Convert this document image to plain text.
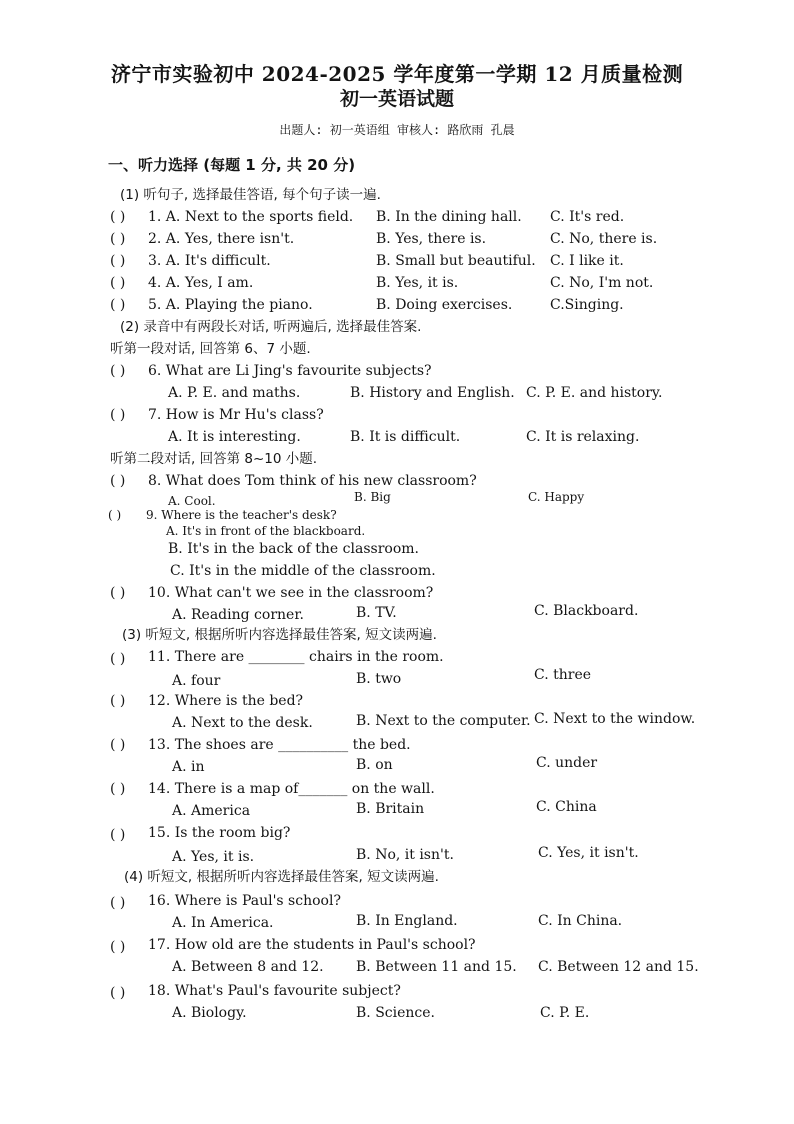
济宁市实验初中 2024-2025 学年度第一学期 12 月质量检测
初一英语试题
出题人: 初一英语组 审核人: 路欣雨 孔晨
一、听力选择 (每题 1 分, 共 20 分)
(1) 听句子, 选择最佳答语, 每个句子读一遍.
( ) 1. A. Next to the sports field. B. In the dining hall. C. It's red.
( ) 2. A. Yes, there isn't.	B. Yes, there is.	C. No, there is.
( ) 3. A. It's difficult.	B. Small but beautiful. C. I like it.
( ) 4. A. Yes, I am.	B. Yes, it is.	C. No, I'm not.
( ) 5. A. Playing the piano.	B. Doing exercises.	C.Singing.
(2) 录音中有两段长对话, 听两遍后, 选择最佳答案.
听第一段对话, 回答第 6、7 小题.
( ) 6. What are Li Jing's favourite subjects?
A. P. E. and maths.	B. History and English. C. P. E. and history.
( ) 7. How is Mr Hu's class?
A. It is interesting.	B. It is difficult.	C. It is relaxing.
听第二段对话, 回答第 8~10 小题.
( ) 8. What does Tom think of his new classroom?
A. Cool.	B. Big	C. Happy
( ) 9. Where is the teacher's desk?
A. It's in front of the blackboard.
B. It's in the back of the classroom.
C. It's in the middle of the classroom.
( ) 10. What can't we see in the classroom?
A. Reading corner.	B. TV.	C. Blackboard.
(3) 听短文, 根据所听内容选择最佳答案, 短文读两遍.
( ) 11. There are ________ chairs in the room.
A. four	B. two	C. three
( ) 12. Where is the bed?
A. Next to the desk.	B. Next to the computer. C. Next to the window.
( ) 13. The shoes are __________ the bed.
A. in	B. on	C. under
( ) 14. There is a map of_______ on the wall.
A. America	B. Britain	C. China
( ) 15. Is the room big?
A. Yes, it is.	B. No, it isn't.	C. Yes, it isn't.
(4) 听短文, 根据所听内容选择最佳答案, 短文读两遍.
( ) 16. Where is Paul's school?
A. In America.	B. In England.	C. In China.
( ) 17. How old are the students in Paul's school?
A. Between 8 and 12. B. Between 11 and 15. C. Between 12 and 15.
( ) 18. What's Paul's favourite subject?
A. Biology.	B. Science.	C. P. E.
